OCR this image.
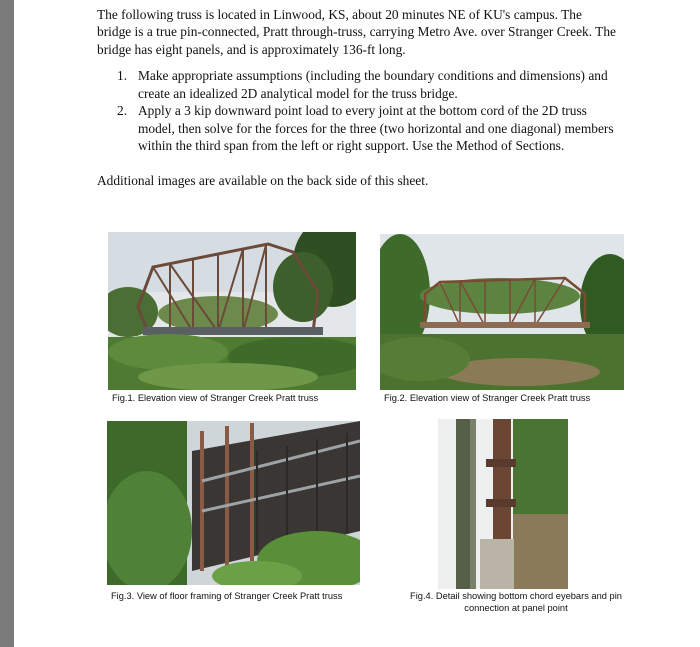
The following truss is located in Linwood, KS, about 20 minutes NE of KU's campus. The bridge is a true pin-connected, Pratt through-truss, carrying Metro Ave. over Stranger Creek. The bridge has eight panels, and is approximately 136-ft long.

1. Make appropriate assumptions (including the boundary conditions and dimensions) and create an idealized 2D analytical model for the truss bridge.
2. Apply a 3 kip downward point load to every joint at the bottom cord of the 2D truss model, then solve for the forces for the three (two horizontal and one diagonal) members within the third span from the left or right support. Use the Method of Sections.
Additional images are available on the back side of this sheet.
Fig.1. Elevation view of Stranger Creek Pratt truss	Fig.2. Elevation view of Stranger Creek Pratt truss
Fig.3. View of floor framing of Stranger Creek Pratt truss	Fig.4. Detail showing bottom chord eyebars and pin
connection at panel point
